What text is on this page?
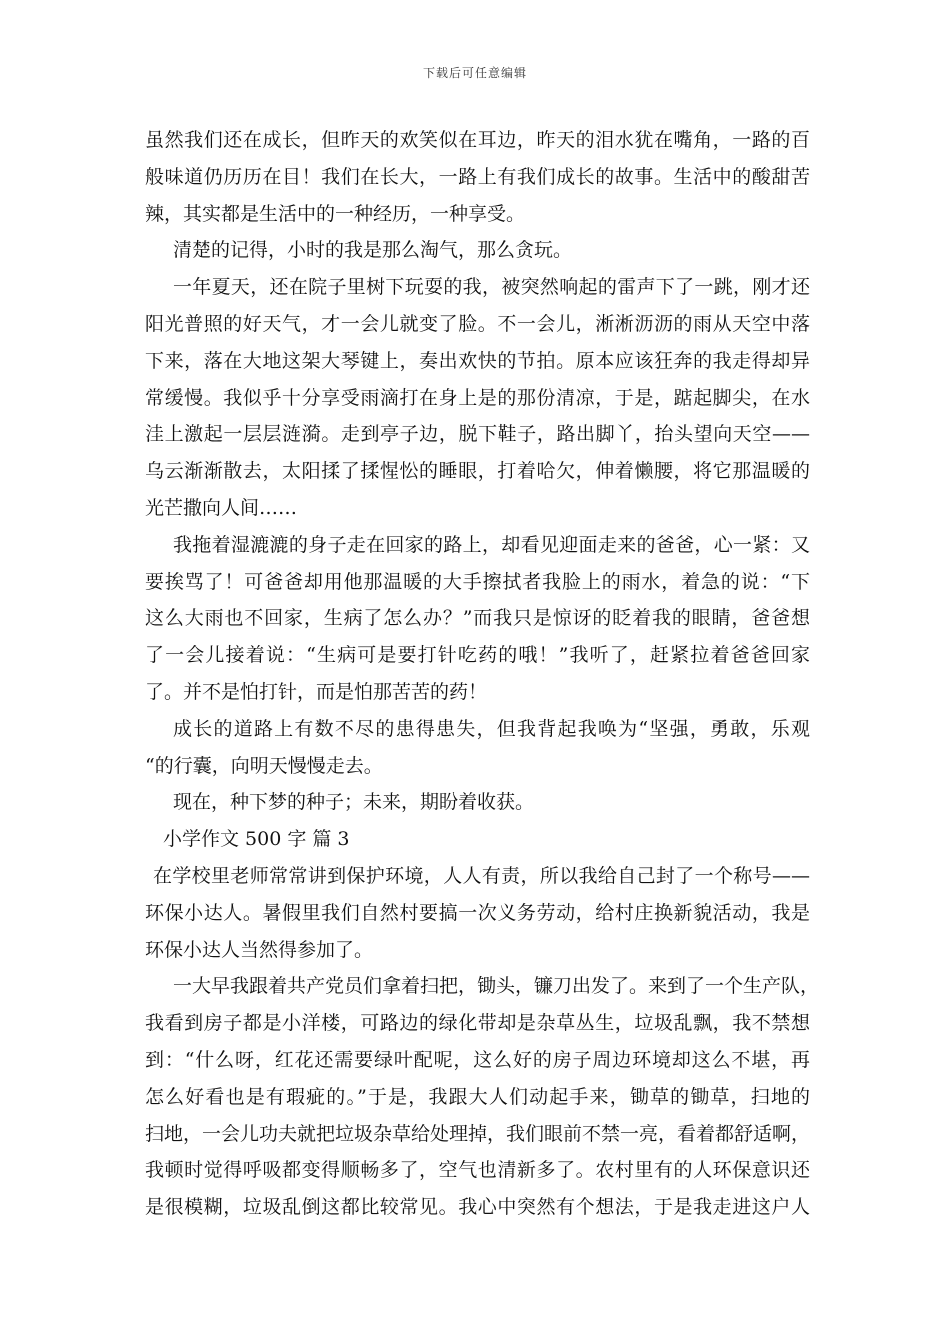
下载后可任意编辑
虽然我们还在成长，但昨天的欢笑似在耳边，昨天的泪水犹在嘴角，一路的百
般味道仍历历在目！我们在长大，一路上有我们成长的故事。生活中的酸甜苦
辣，其实都是生活中的一种经历，一种享受。
清楚的记得，小时的我是那么淘气，那么贪玩。
一年夏天，还在院子里树下玩耍的我，被突然响起的雷声下了一跳，刚才还
阳光普照的好天气，才一会儿就变了脸。不一会儿，淅淅沥沥的雨从天空中落
下来，落在大地这架大琴键上，奏出欢快的节拍。原本应该狂奔的我走得却异
常缓慢。我似乎十分享受雨滴打在身上是的那份清凉，于是，踮起脚尖，在水
洼上激起一层层涟漪。走到亭子边，脱下鞋子，路出脚丫，抬头望向天空——
乌云渐渐散去，太阳揉了揉惺忪的睡眼，打着哈欠，伸着懒腰，将它那温暖的
光芒撒向人间……
我拖着湿漉漉的身子走在回家的路上，却看见迎面走来的爸爸，心一紧：又
要挨骂了！可爸爸却用他那温暖的大手擦拭者我脸上的雨水，着急的说：“下
这么大雨也不回家，生病了怎么办？”而我只是惊讶的眨着我的眼睛，爸爸想
了一会儿接着说：“生病可是要打针吃药的哦！”我听了，赶紧拉着爸爸回家
了。并不是怕打针，而是怕那苦苦的药！
成长的道路上有数不尽的患得患失，但我背起我唤为“坚强，勇敢，乐观
“的行囊，向明天慢慢走去。
现在，种下梦的种子；未来，期盼着收获。
小学作文 500 字 篇 3
在学校里老师常常讲到保护环境，人人有责，所以我给自己封了一个称号——
环保小达人。暑假里我们自然村要搞一次义务劳动，给村庄换新貌活动，我是
环保小达人当然得参加了。
一大早我跟着共产党员们拿着扫把，锄头，镰刀出发了。来到了一个生产队，
我看到房子都是小洋楼，可路边的绿化带却是杂草丛生，垃圾乱飘，我不禁想
到：“什么呀，红花还需要绿叶配呢，这么好的房子周边环境却这么不堪，再
怎么好看也是有瑕疵的。”于是，我跟大人们动起手来，锄草的锄草，扫地的
扫地，一会儿功夫就把垃圾杂草给处理掉，我们眼前不禁一亮，看着都舒适啊，
我顿时觉得呼吸都变得顺畅多了，空气也清新多了。农村里有的人环保意识还
是很模糊，垃圾乱倒这都比较常见。我心中突然有个想法，于是我走进这户人
